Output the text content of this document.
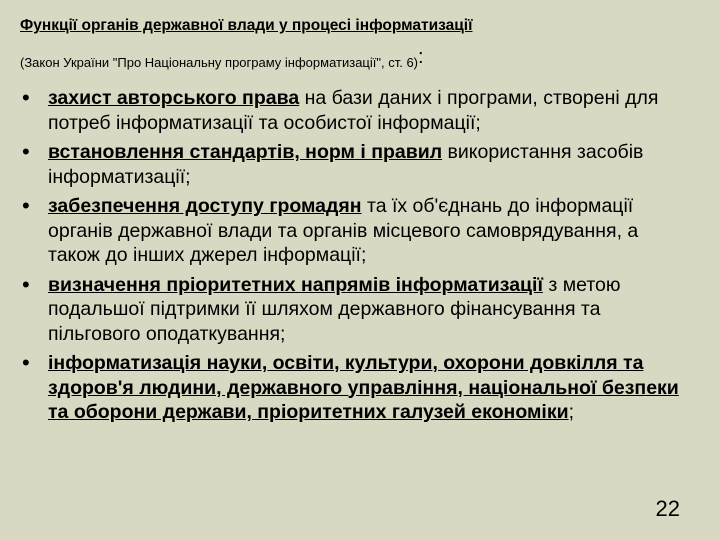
Функції органів державної влади у процесі інформатизації
(Закон України "Про Національну програму інформатизації", ст. 6):
• захист авторського права на бази даних і програми, створені для потреб інформатизації та особистої інформації;
• встановлення стандартів, норм і правил використання засобів інформатизації;
• забезпечення доступу громадян та їх об'єднань до інформації органів державної влади та органів місцевого самоврядування, а також до інших джерел інформації;
• визначення пріоритетних напрямів інформатизації з метою подальшої підтримки її шляхом державного фінансування та пільгового оподаткування;
• інформатизація науки, освіти, культури, охорони довкілля та здоров'я людини, державного управління, національної безпеки та оборони держави, пріоритетних галузей економіки;
22
